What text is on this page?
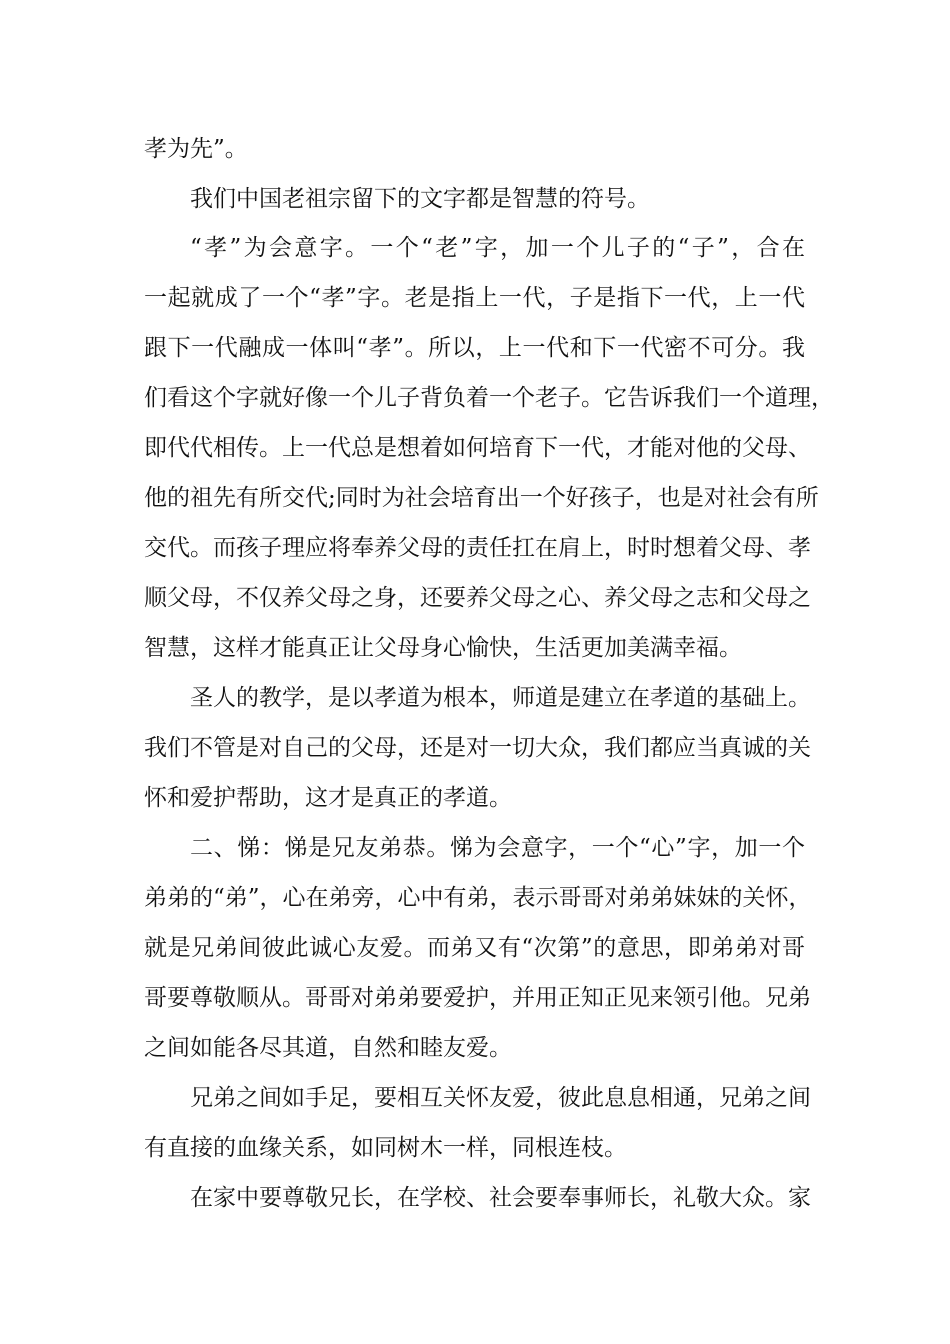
孝为先”。
我们中国老祖宗留下的文字都是智慧的符号。
“孝”为会意字。一个“老”字，加一个儿子的“子”，合在
一起就成了一个“孝”字。老是指上一代，子是指下一代，上一代
跟下一代融成一体叫“孝”。所以，上一代和下一代密不可分。我
们看这个字就好像一个儿子背负着一个老子。它告诉我们一个道理，
即代代相传。上一代总是想着如何培育下一代，才能对他的父母、
他的祖先有所交代;同时为社会培育出一个好孩子，也是对社会有所
交代。而孩子理应将奉养父母的责任扛在肩上，时时想着父母、孝
顺父母，不仅养父母之身，还要养父母之心、养父母之志和父母之
智慧，这样才能真正让父母身心愉快，生活更加美满幸福。
圣人的教学，是以孝道为根本，师道是建立在孝道的基础上。
我们不管是对自己的父母，还是对一切大众，我们都应当真诚的关
怀和爱护帮助，这才是真正的孝道。
二、悌：悌是兄友弟恭。悌为会意字，一个“心”字，加一个
弟弟的“弟”，心在弟旁，心中有弟，表示哥哥对弟弟妹妹的关怀，
就是兄弟间彼此诚心友爱。而弟又有“次第”的意思，即弟弟对哥
哥要尊敬顺从。哥哥对弟弟要爱护，并用正知正见来领引他。兄弟
之间如能各尽其道，自然和睦友爱。
兄弟之间如手足，要相互关怀友爱，彼此息息相通，兄弟之间
有直接的血缘关系，如同树木一样，同根连枝。
在家中要尊敬兄长，在学校、社会要奉事师长，礼敬大众。家
